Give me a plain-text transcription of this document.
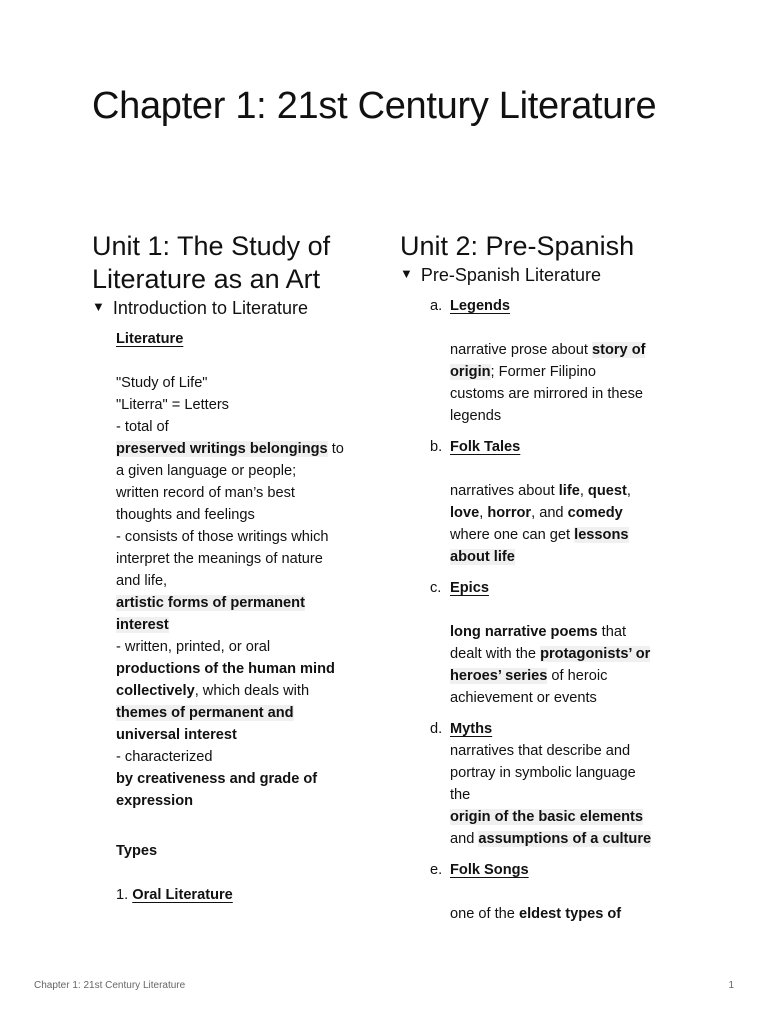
Chapter 1: 21st Century Literature
Unit 1: The Study of Literature as an Art
▼ Introduction to Literature
Literature
"Study of Life"
"Literra" = Letters
- total of
preserved writings belongings to
a given language or people;
written record of man’s best
thoughts and feelings
- consists of those writings which
interpret the meanings of nature
and life,
artistic forms of permanent
interest
- written, printed, or oral
productions of the human mind
collectively, which deals with
themes of permanent and
universal interest
- characterized
by creativeness and grade of
expression
Types
1. Oral Literature
Unit 2: Pre-Spanish
▼ Pre-Spanish Literature
a. Legends
narrative prose about story of
origin; Former Filipino
customs are mirrored in these
legends
b. Folk Tales
narratives about life, quest,
love, horror, and comedy
where one can get lessons
about life
c. Epics
long narrative poems that
dealt with the protagonists’ or
heroes’ series of heroic
achievement or events
d. Myths
narratives that describe and
portray in symbolic language
the
origin of the basic elements
and assumptions of a culture
e. Folk Songs
one of the eldest types of
Chapter 1: 21st Century Literature	1
